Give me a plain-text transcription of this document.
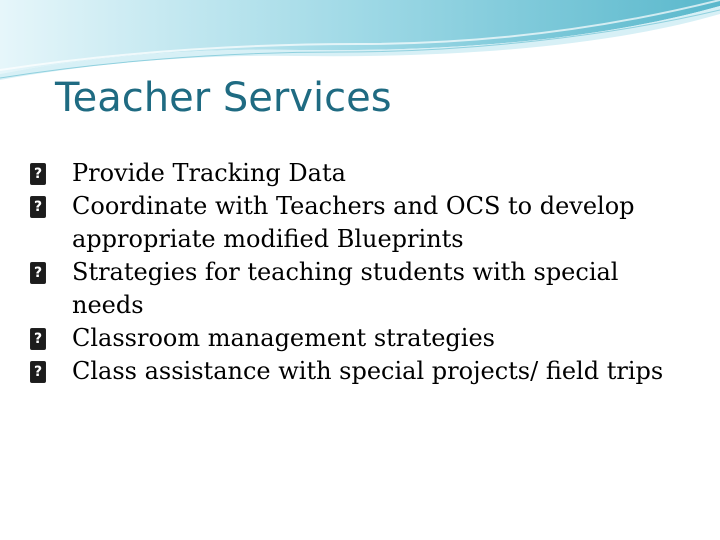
Teacher Services
?
Provide Tracking Data
?
Coordinate with Teachers and OCS to develop appropriate modified Blueprints
?
Strategies for teaching students with special needs
?
Classroom management strategies
?
Class assistance with special projects/ field trips
